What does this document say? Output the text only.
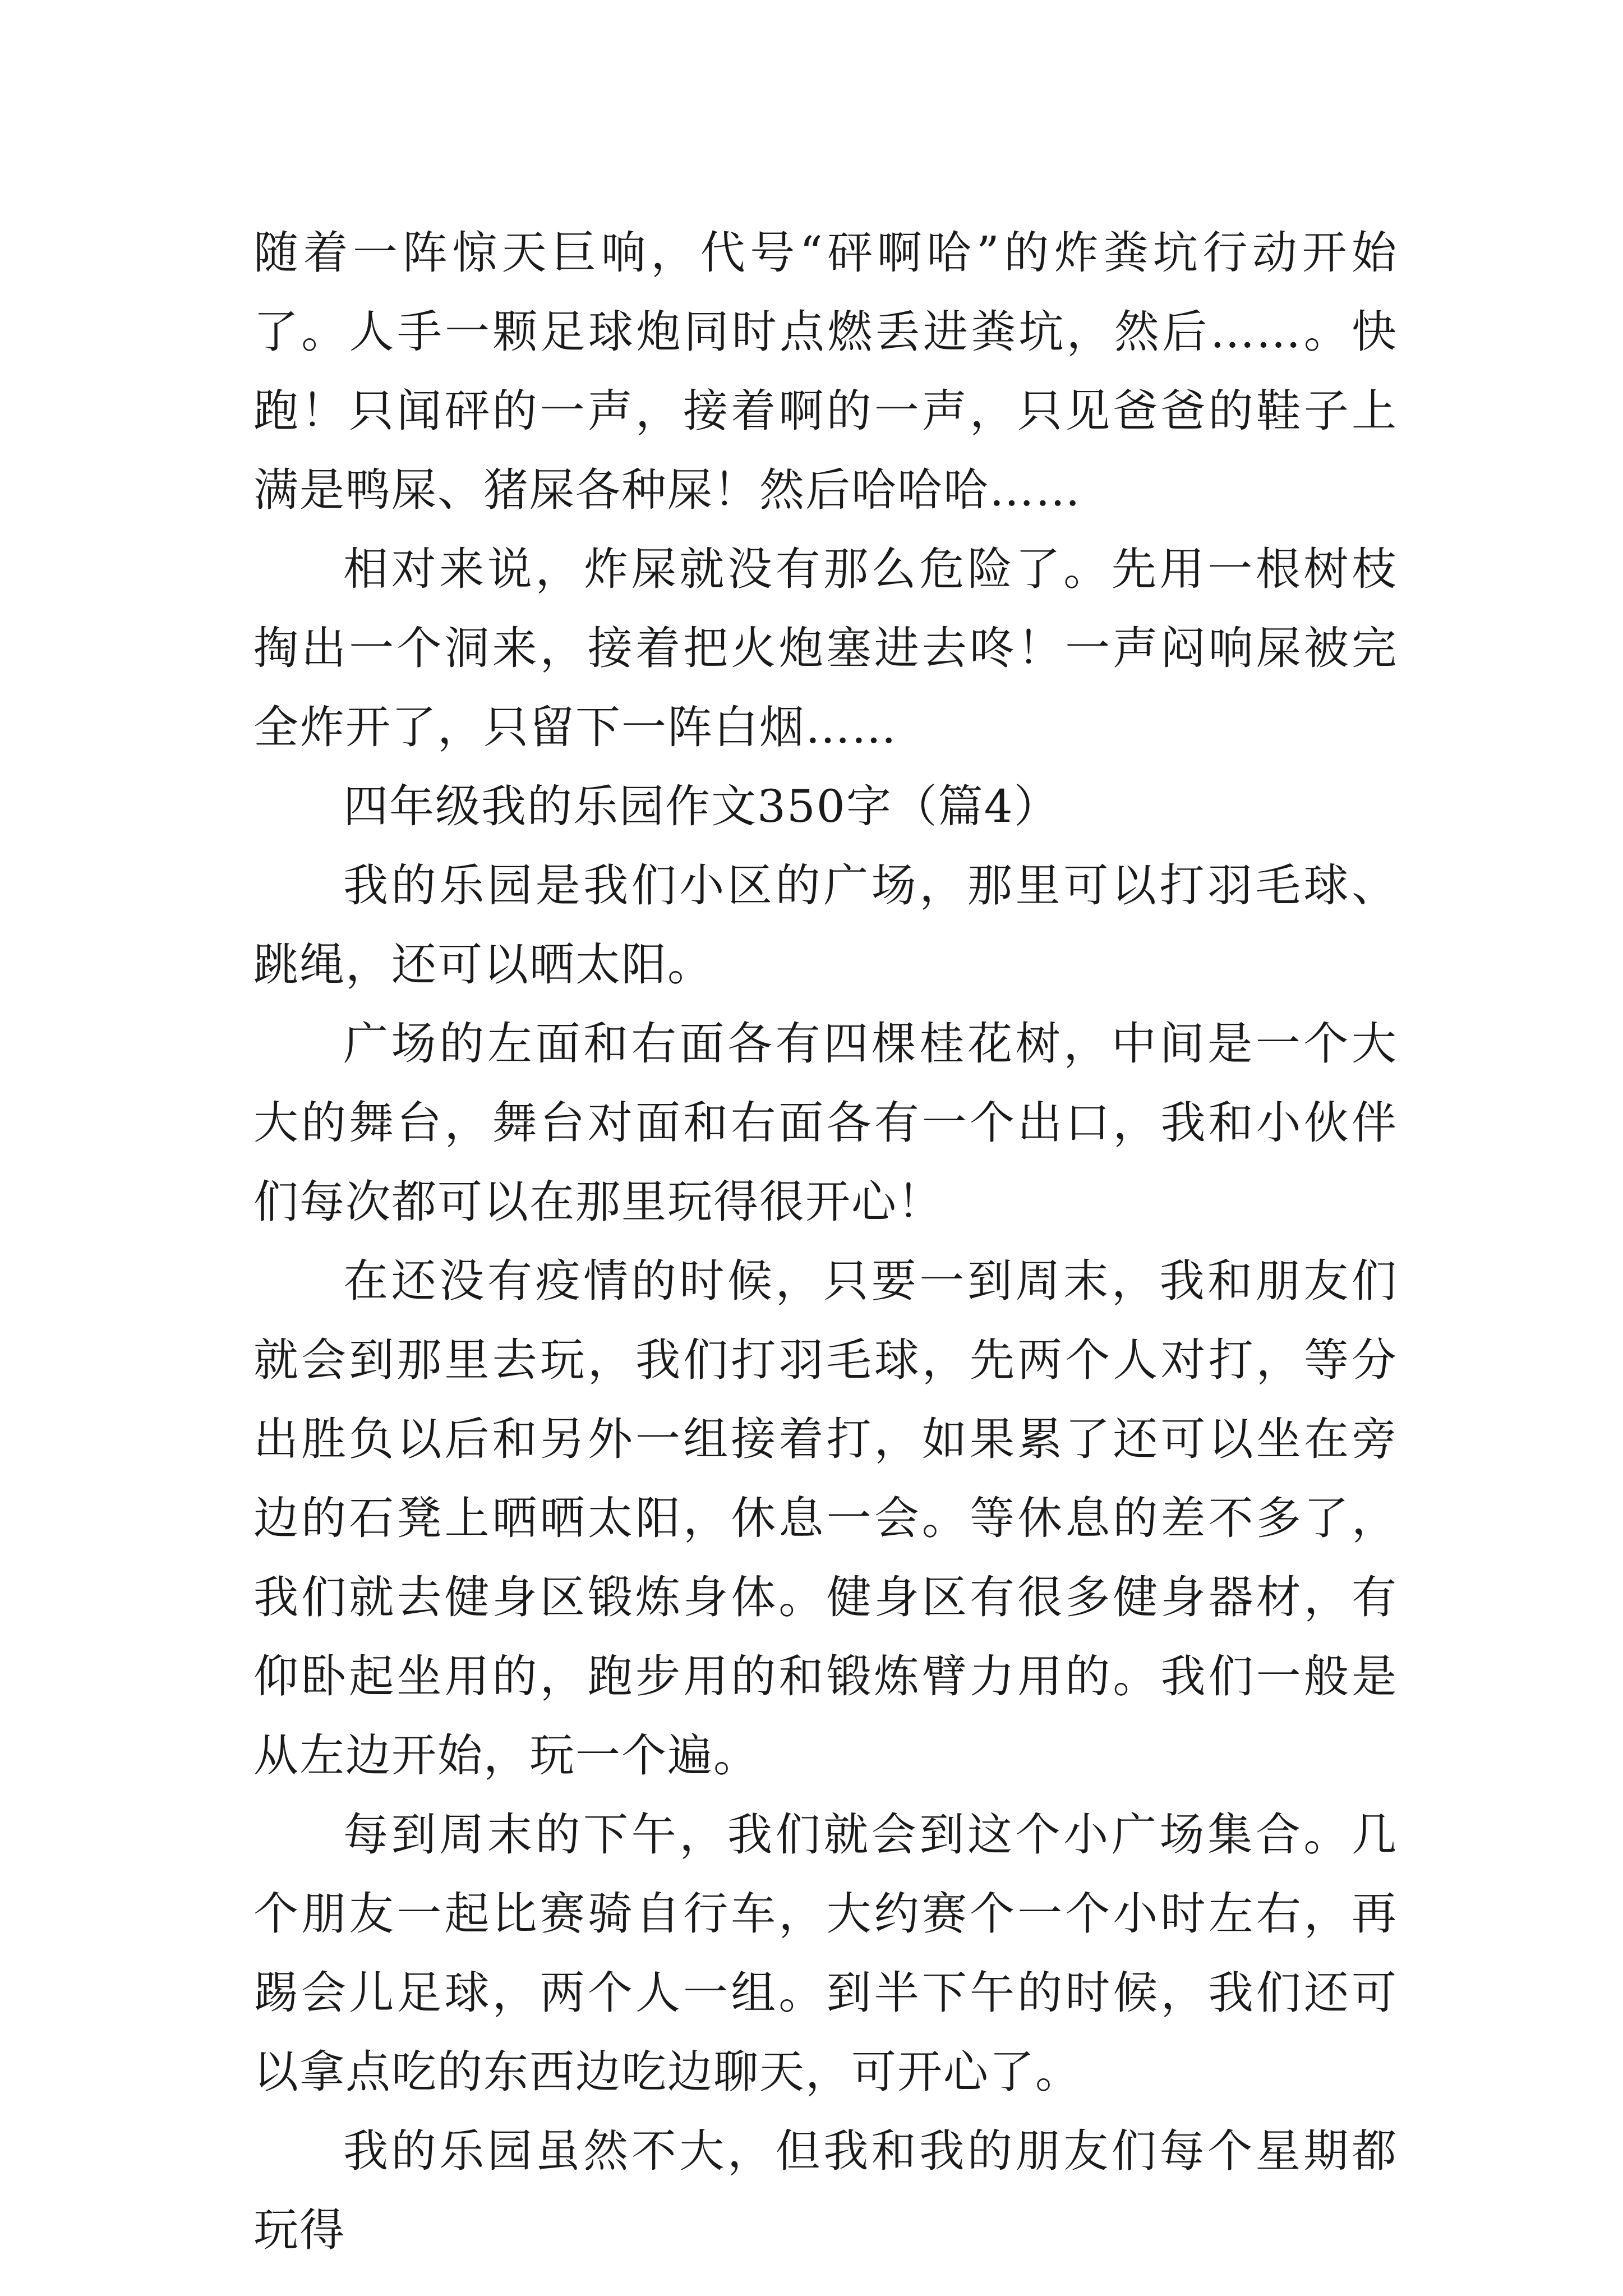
随着一阵惊天巨响，代号“砰啊哈”的炸粪坑行动开始了。人手一颗足球炮同时点燃丢进粪坑，然后……。快跑！只闻砰的一声，接着啊的一声，只见爸爸的鞋子上满是鸭屎、猪屎各种屎！然后哈哈哈……

相对来说，炸屎就没有那么危险了。先用一根树枝掏出一个洞来，接着把火炮塞进去咚！一声闷响屎被完全炸开了，只留下一阵白烟……

四年级我的乐园作文350字（篇4）

我的乐园是我们小区的广场，那里可以打羽毛球、跳绳，还可以晒太阳。

广场的左面和右面各有四棵桂花树，中间是一个大大的舞台，舞台对面和右面各有一个出口，我和小伙伴们每次都可以在那里玩得很开心！

在还没有疫情的时候，只要一到周末，我和朋友们就会到那里去玩，我们打羽毛球，先两个人对打，等分出胜负以后和另外一组接着打，如果累了还可以坐在旁边的石凳上晒晒太阳，休息一会。等休息的差不多了，我们就去健身区锻炼身体。健身区有很多健身器材，有仰卧起坐用的，跑步用的和锻炼臂力用的。我们一般是从左边开始，玩一个遍。

每到周末的下午，我们就会到这个小广场集合。几个朋友一起比赛骑自行车，大约赛个一个小时左右，再踢会儿足球，两个人一组。到半下午的时候，我们还可以拿点吃的东西边吃边聊天，可开心了。

我的乐园虽然不大，但我和我的朋友们每个星期都玩得
